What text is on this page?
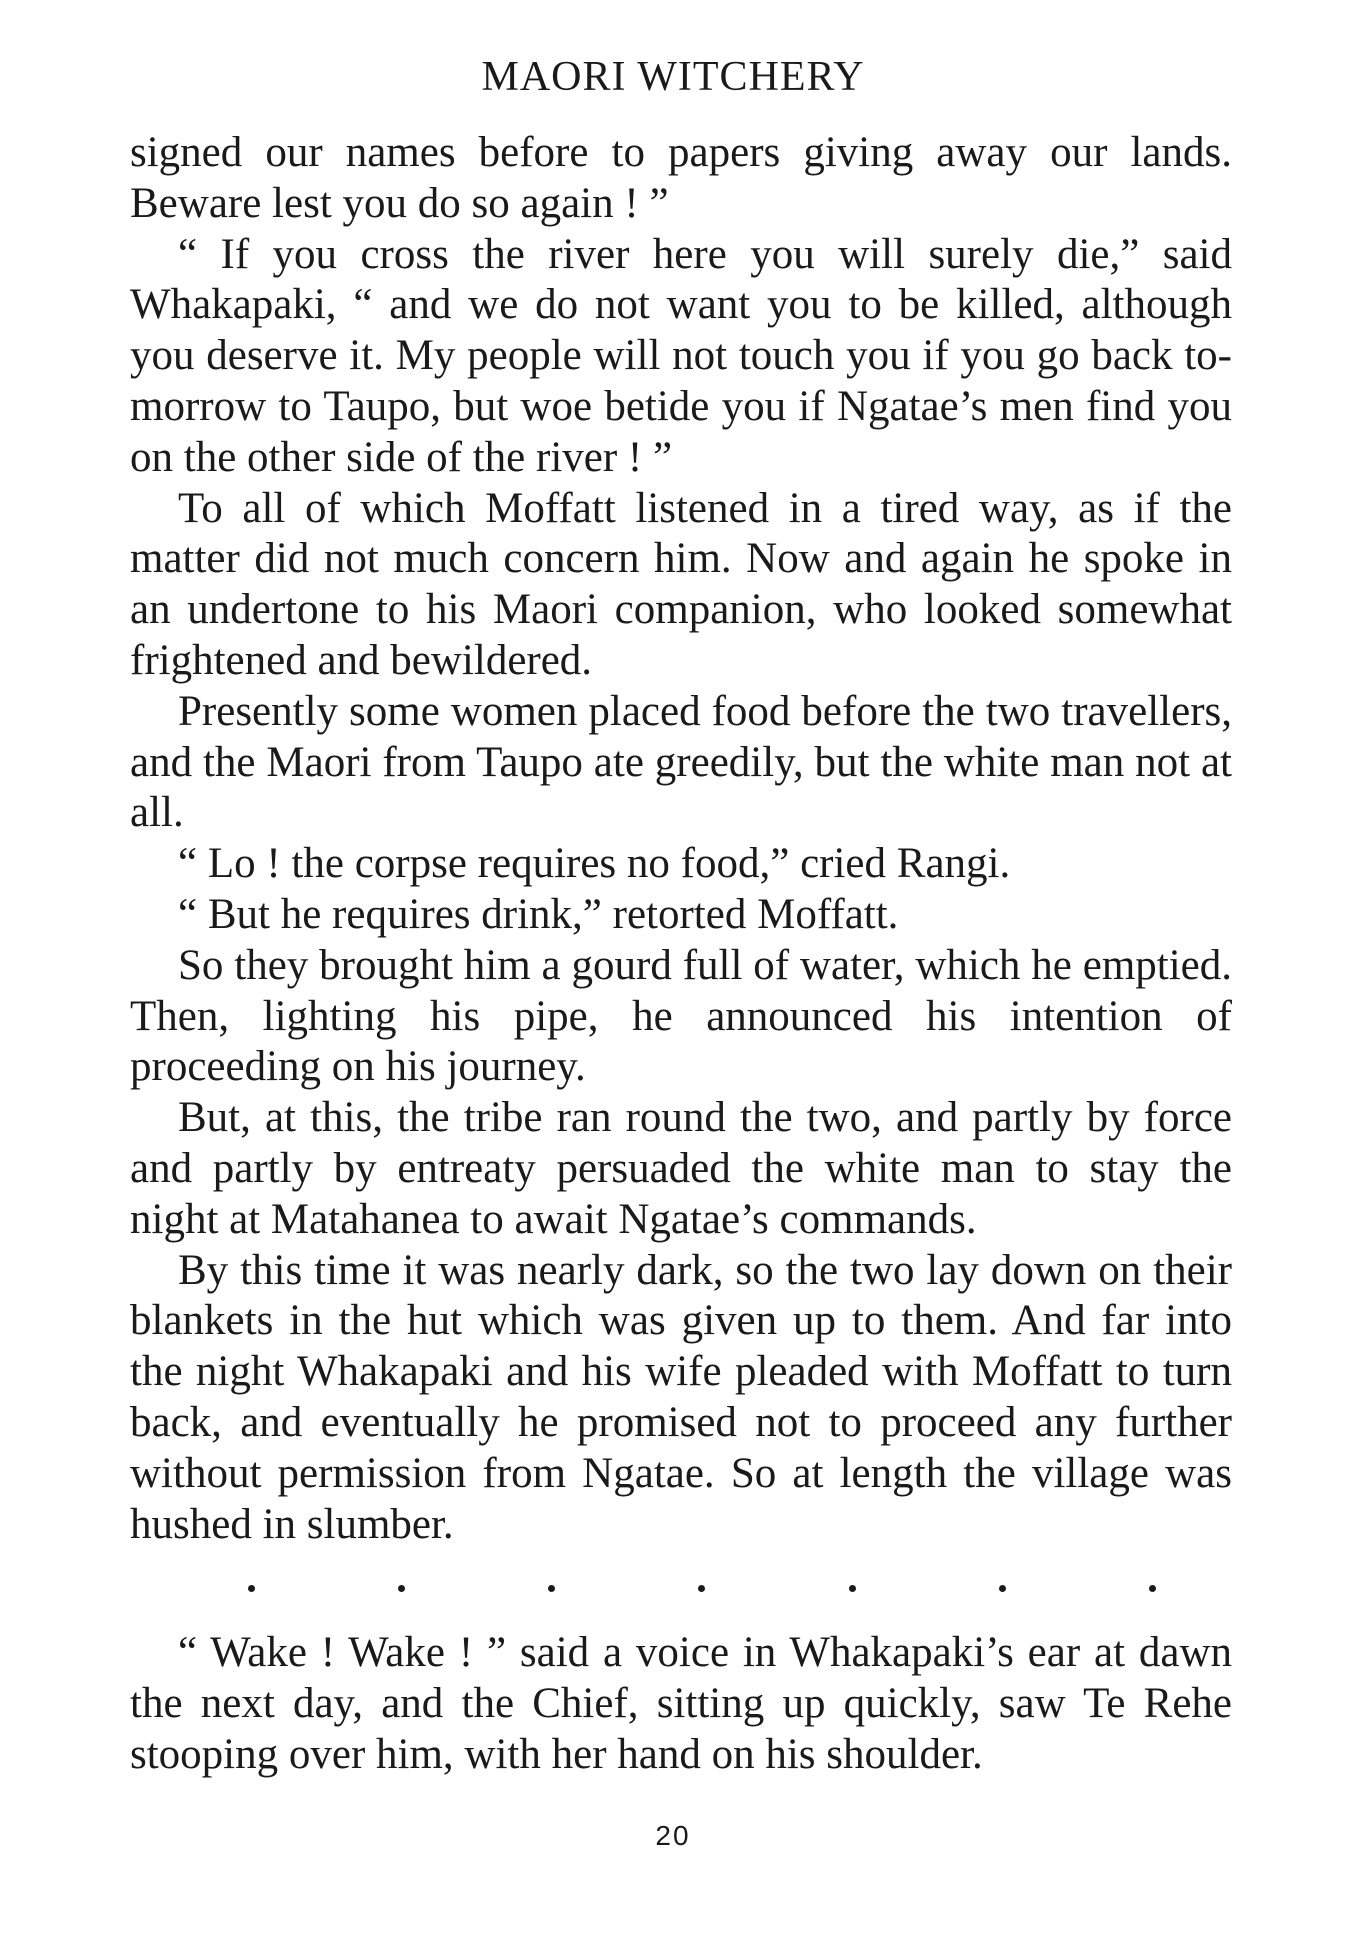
MAORI WITCHERY

signed our names before to papers giving away our lands. Beware lest you do so again ! ”

“ If you cross the river here you will surely die,” said Whakapaki, “ and we do not want you to be killed, although you deserve it. My people will not touch you if you go back to-morrow to Taupo, but woe betide you if Ngatae’s men find you on the other side of the river ! ”

To all of which Moffatt listened in a tired way, as if the matter did not much concern him. Now and again he spoke in an undertone to his Maori companion, who looked somewhat frightened and bewildered.

Presently some women placed food before the two travellers, and the Maori from Taupo ate greedily, but the white man not at all.

“ Lo ! the corpse requires no food,” cried Rangi.

“ But he requires drink,” retorted Moffatt.

So they brought him a gourd full of water, which he emptied. Then, lighting his pipe, he announced his intention of proceeding on his journey.

But, at this, the tribe ran round the two, and partly by force and partly by entreaty persuaded the white man to stay the night at Matahanea to await Ngatae’s commands.

By this time it was nearly dark, so the two lay down on their blankets in the hut which was given up to them. And far into the night Whakapaki and his wife pleaded with Moffatt to turn back, and eventually he promised not to proceed any further without permission from Ngatae. So at length the village was hushed in slumber.

“ Wake ! Wake ! ” said a voice in Whakapaki’s ear at dawn the next day, and the Chief, sitting up quickly, saw Te Rehe stooping over him, with her hand on his shoulder.

20
